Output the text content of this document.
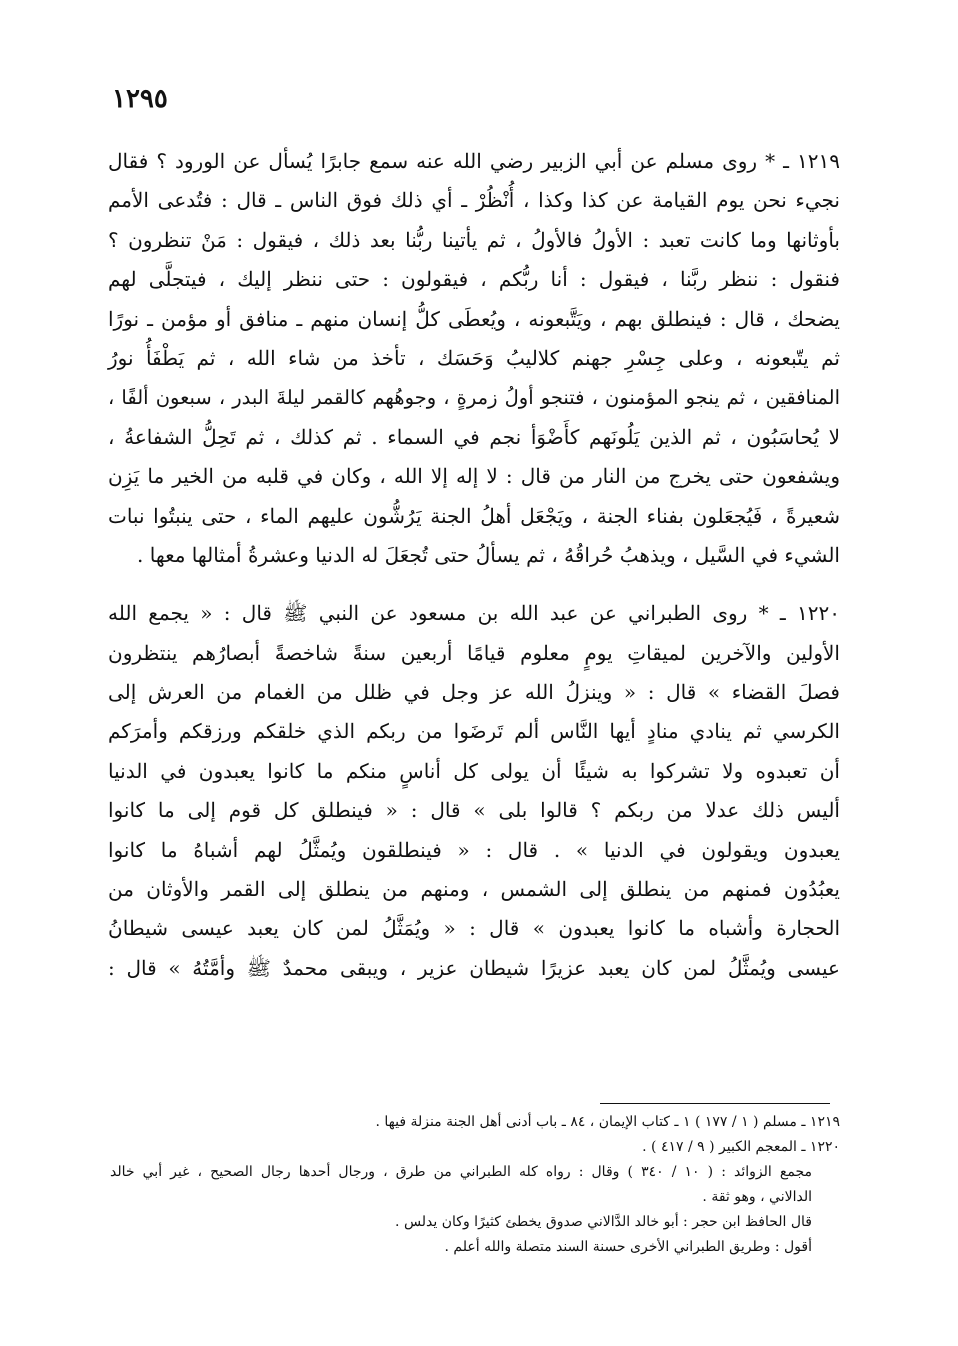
١٢٩٥
١٢١٩ ـ * روى مسلم عن أبي الزبير رضي الله عنه سمع جابرًا يُسأل عن الورود ؟ فقال
نجيء نحن يوم القيامة عن كذا وكذا ، أُنْظُرْ ـ أي ذلك فوق الناس ـ قال : فتُدعى الأمم
بأوثانها وما كانت تعبد : الأولُ فالأولُ ، ثم يأتينا ربُّنا بعد ذلك ، فيقول : مَنْ تنظرون ؟
فنقول : ننظر ربَّنا ، فيقول : أنا ربُّكم ، فيقولون : حتى ننظر إليك ، فيتجلَّى لهم
يضحك ، قال : فينطلق بهم ، ويَتَّبعونه ، ويُعطَى كلُّ إنسان منهم ـ منافق أو مؤمن ـ نورًا
ثم يتّبعونه ، وعلى جِسْرِ جهنم كلاليبُ وَحَسَك ، تأخذ من شاء الله ، ثم يَطْفَأُ نورُ
المنافقين ، ثم ينجو المؤمنون ، فتنجو أولُ زمرةٍ ، وجوهُهم كالقمر ليلةَ البدر ، سبعون ألفًا ،
لا يُحاسَبُون ، ثم الذين يَلُونَهم كأَضْوَأ نجم في السماء . ثم كذلك ، ثم تَحِلُّ الشفاعةُ ،
ويشفعون حتى يخرج من النار من قال : لا إله إلا الله ، وكان في قلبه من الخير ما يَزِن
شعيرةً ، فَيُجعَلون بفناء الجنة ، ويَجْعَل أهلُ الجنة يَرُشُّون عليهم الماء ، حتى ينبتُوا نبات
الشيء في السَّيل ، ويذهبُ حُراقُهُ ، ثم يسألُ حتى تُجعَلَ له الدنيا وعشرةُ أمثالها معها .
١٢٢٠ ـ * روى الطبراني عن عبد الله بن مسعود عن النبي ﷺ قال : « يجمع الله
الأولين والآخرين لميقاتِ يومٍ معلوم قيامًا أربعين سنةً شاخصةً أبصارُهم ينتظرون
فصلَ القضاء » قال : « وينزلُ الله عز وجل في ظلل من الغمام من العرش إلى
الكرسي ثم ينادي منادٍ أيها النَّاس ألم تَرضَوا من ربكم الذي خلقكم ورزقكم وأمرَكم
أن تعبدوه ولا تشركوا به شيئًا أن يولى كل أناسٍ منكم ما كانوا يعبدون في الدنيا
أليس ذلك عدلا من ربكم ؟ قالوا بلى » قال : « فينطلق كل قوم إلى ما كانوا
يعبدون ويقولون في الدنيا » . قال : « فينطلقون ويُمثَّلُ لهم أشباهُ ما كانوا
يعبُدُون فمنهم من ينطلق إلى الشمس ، ومنهم من ينطلق إلى القمر والأوثان من
الحجارة وأشباه ما كانوا يعبدون » قال : « ويُمَثَّلُ لمن كان يعبد عيسى شيطانُ
عيسى ويُمثَّلُ لمن كان يعبد عزيرًا شيطان عزير ، ويبقى محمدٌ ﷺ وأمَّتُهُ » قال :
١٢١٩ ـ مسلم ( ١ / ١٧٧ ) ١ ـ كتاب الإيمان ، ٨٤ ـ باب أدنى أهل الجنة منزلة فيها .
١٢٢٠ ـ المعجم الكبير ( ٩ / ٤١٧ ) .
مجمع الزوائد : ( ١٠ / ٣٤٠ ) وقال : رواه كله الطبراني من طرق ، ورجال أحدها رجال الصحيح ، غير أبي خالد
الدالاني ، وهو ثقة .
قال الحافظ ابن حجر : أبو خالد الدَّالاني صدوق يخطئ كثيرًا وكان يدلس .
أقول : وطريق الطبراني الأخرى حسنة السند متصلة والله أعلم .
